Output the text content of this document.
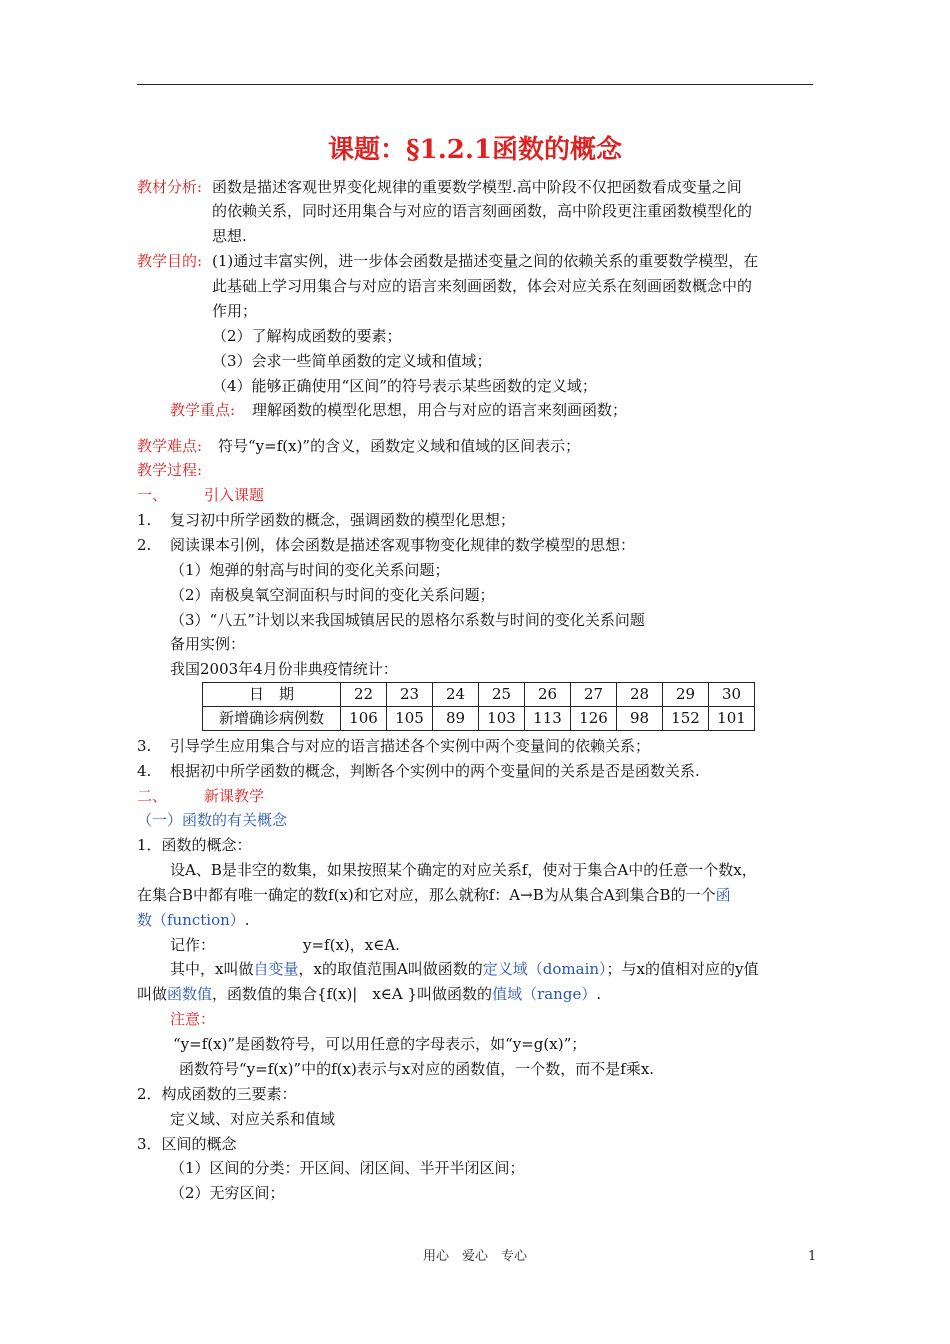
课题：§1.2.1函数的概念
教材分析: 函数是描述客观世界变化规律的重要数学模型.高中阶段不仅把函数看成变量之间
的依赖关系，同时还用集合与对应的语言刻画函数，高中阶段更注重函数模型化的
思想.
教学目的: (1)通过丰富实例，进一步体会函数是描述变量之间的依赖关系的重要数学模型，在
此基础上学习用集合与对应的语言来刻画函数，体会对应关系在刻画函数概念中的
作用；
（2）了解构成函数的要素；
（3）会求一些简单函数的定义域和值域；
（4）能够正确使用“区间”的符号表示某些函数的定义域；
教学重点: 理解函数的模型化思想，用合与对应的语言来刻画函数；
教学难点: 符号“y=f(x)”的含义，函数定义域和值域的区间表示；
教学过程:
一、 引入课题
1. 复习初中所学函数的概念，强调函数的模型化思想；
2. 阅读课本引例，体会函数是描述客观事物变化规律的数学模型的思想：
（1）炮弹的射高与时间的变化关系问题；
（2）南极臭氧空洞面积与时间的变化关系问题；
（3）“八五”计划以来我国城镇居民的恩格尔系数与时间的变化关系问题
备用实例：
我国2003年4月份非典疫情统计：
日　期	22	23	24	25	26	27	28	29	30
新增确诊病例数	106	105	89	103	113	126	98	152	101
3. 引导学生应用集合与对应的语言描述各个实例中两个变量间的依赖关系；
4. 根据初中所学函数的概念，判断各个实例中的两个变量间的关系是否是函数关系.
二、 新课教学
（一）函数的有关概念
1．函数的概念：
设A、B是非空的数集，如果按照某个确定的对应关系f，使对于集合A中的任意一个数x，
在集合B中都有唯一确定的数f(x)和它对应，那么就称f：A→B为从集合A到集合B的一个函
数（function）.
记作：	y=f(x)，x∈A.
其中，x叫做自变量，x的取值范围A叫做函数的定义域（domain）；与x的值相对应的y值
叫做函数值，函数值的集合{f(x)|　x∈A }叫做函数的值域（range）.
注意：
“y=f(x)”是函数符号，可以用任意的字母表示，如“y=g(x)”；
函数符号“y=f(x)”中的f(x)表示与x对应的函数值，一个数，而不是f乘x.
2．构成函数的三要素：
定义域、对应关系和值域
3．区间的概念
（1）区间的分类：开区间、闭区间、半开半闭区间；
（2）无穷区间；
用心　爱心　专心	1
